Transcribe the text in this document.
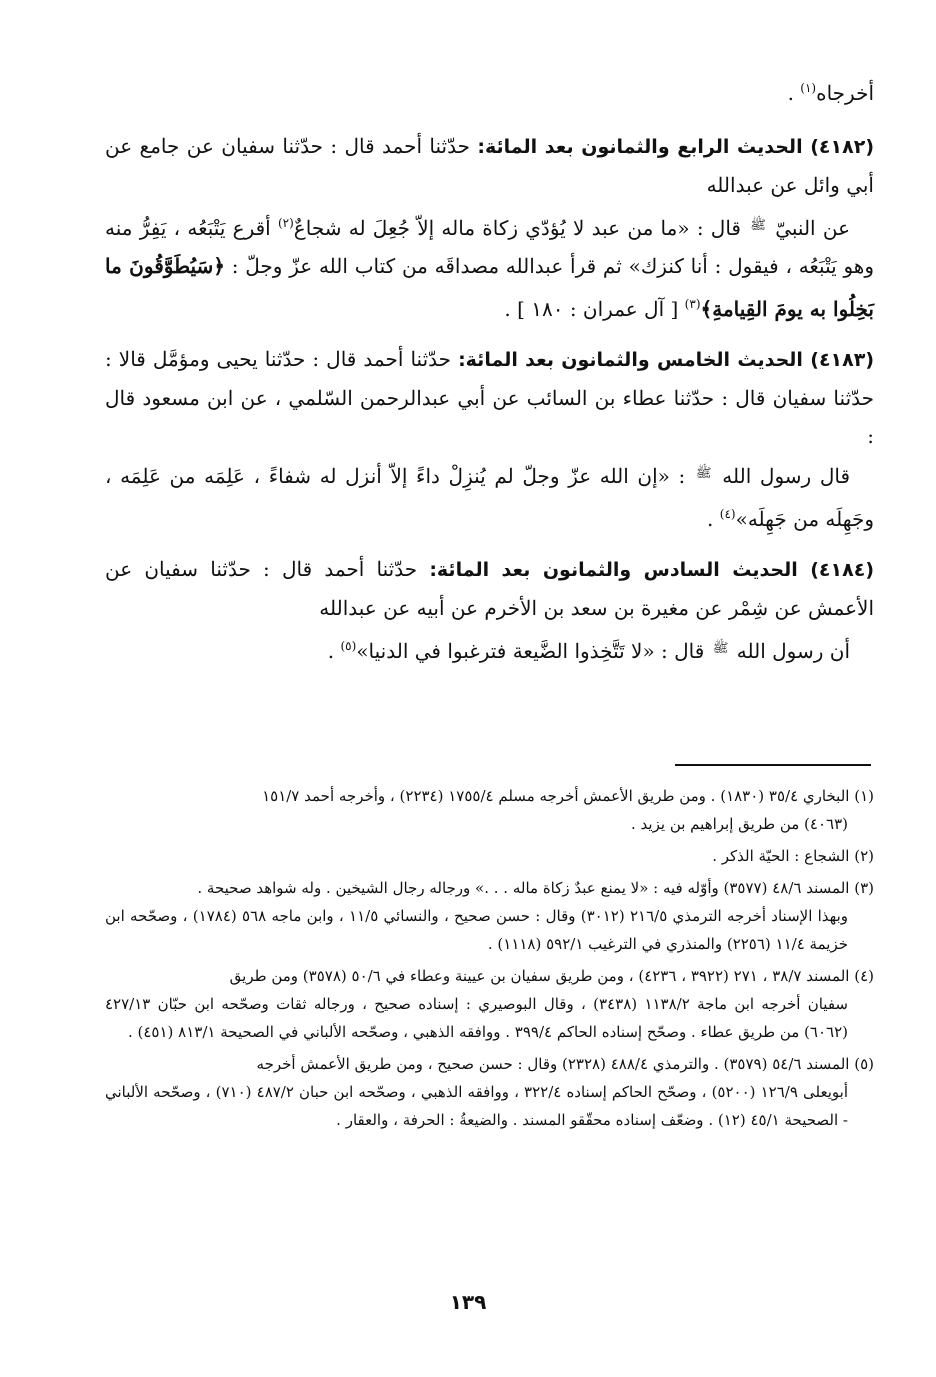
أخرجاه$^{(١)}$ .

(٤١٨٢) الحديث الرابع والثمانون بعد المائة: حدّثنا أحمد قال : حدّثنا سفيان عن جامع عن أبي وائل عن عبدالله

عن النبيّ $^ﷺ$ قال : «ما من عبد لا يُؤدّي زكاة ماله إلاّ جُعِلَ له شجاعٌ$^{(٢)}$ أقرع يَتْبَعُه ، يَفِرُّ منه وهو يَتْبَعُه ، فيقول : أنا كنزك» ثم قرأ عبدالله مصداقَه من كتاب الله عزّ وجلّ : ﴿سَيُطَوَّقُونَ ما بَخِلُوا به يومَ القِيامةِ﴾$^{(٣)}$ [ آل عمران : ١٨٠ ] .

(٤١٨٣) الحديث الخامس والثمانون بعد المائة: حدّثنا أحمد قال : حدّثنا يحيى ومؤمَّل قالا : حدّثنا سفيان قال : حدّثنا عطاء بن السائب عن أبي عبدالرحمن السّلمي ، عن ابن مسعود قال :

قال رسول الله $^ﷺ$ : «إن الله عزّ وجلّ لم يُنزِلْ داءً إلاّ أنزل له شفاءً ، عَلِمَه من عَلِمَه ، وجَهِلَه من جَهِلَه»$^{(٤)}$ .

(٤١٨٤) الحديث السادس والثمانون بعد المائة: حدّثنا أحمد قال : حدّثنا سفيان عن الأعمش عن شِمْر عن مغيرة بن سعد بن الأخرم عن أبيه عن عبدالله

أن رسول الله $^ﷺ$ قال : «لا تَتَّخِذوا الضَّيعة فترغبوا في الدنيا»$^{(٥)}$ .

(١) البخاري ٣٥/٤ (١٨٣٠) . ومن طريق الأعمش أخرجه مسلم ١٧٥٥/٤ (٢٢٣٤) ، وأخرجه أحمد ١٥١/٧
(٤٠٦٣) من طريق إبراهيم بن يزيد .
(٢) الشجاع : الحيّة الذكر .
(٣) المسند ٤٨/٦ (٣٥٧٧) وأوّله فيه : «لا يمنع عبدٌ زكاة ماله . . .» ورجاله رجال الشيخين . وله شواهد صحيحة .
وبهذا الإسناد أخرجه الترمذي ٢١٦/٥ (٣٠١٢) وقال : حسن صحيح ، والنسائي ١١/٥ ، وابن ماجه ٥٦٨ (١٧٨٤) ، وصحّحه ابن خزيمة ١١/٤ (٢٢٥٦) والمنذري في الترغيب ٥٩٢/١ (١١١٨) .
(٤) المسند ٣٨/٧ ، ٢٧١ (٣٩٢٢ ، ٤٢٣٦) ، ومن طريق سفيان بن عيينة وعطاء في ٥٠/٦ (٣٥٧٨) ومن طريق
سفيان أخرجه ابن ماجة ١١٣٨/٢ (٣٤٣٨) ، وقال البوصيري : إسناده صحيح ، ورجاله ثقات وصحّحه ابن حبّان ٤٢٧/١٣ (٦٠٦٢) من طريق عطاء . وصحّح إسناده الحاكم ٣٩٩/٤ . ووافقه الذهبي ، وصحّحه الألباني في الصحيحة ٨١٣/١ (٤٥١) .
(٥) المسند ٥٤/٦ (٣٥٧٩) . والترمذي ٤٨٨/٤ (٢٣٢٨) وقال : حسن صحيح ، ومن طريق الأعمش أخرجه
أبويعلى ١٢٦/٩ (٥٢٠٠) ، وصحّح الحاكم إسناده ٣٢٢/٤ ، ووافقه الذهبي ، وصحّحه ابن حبان ٤٨٧/٢ (٧١٠) ، وصحّحه الألباني - الصحيحة ٤٥/١ (١٢) . وضعّف إسناده محقّقو المسند . والضيعةُ : الحرفة ، والعقار .
١٣٩
